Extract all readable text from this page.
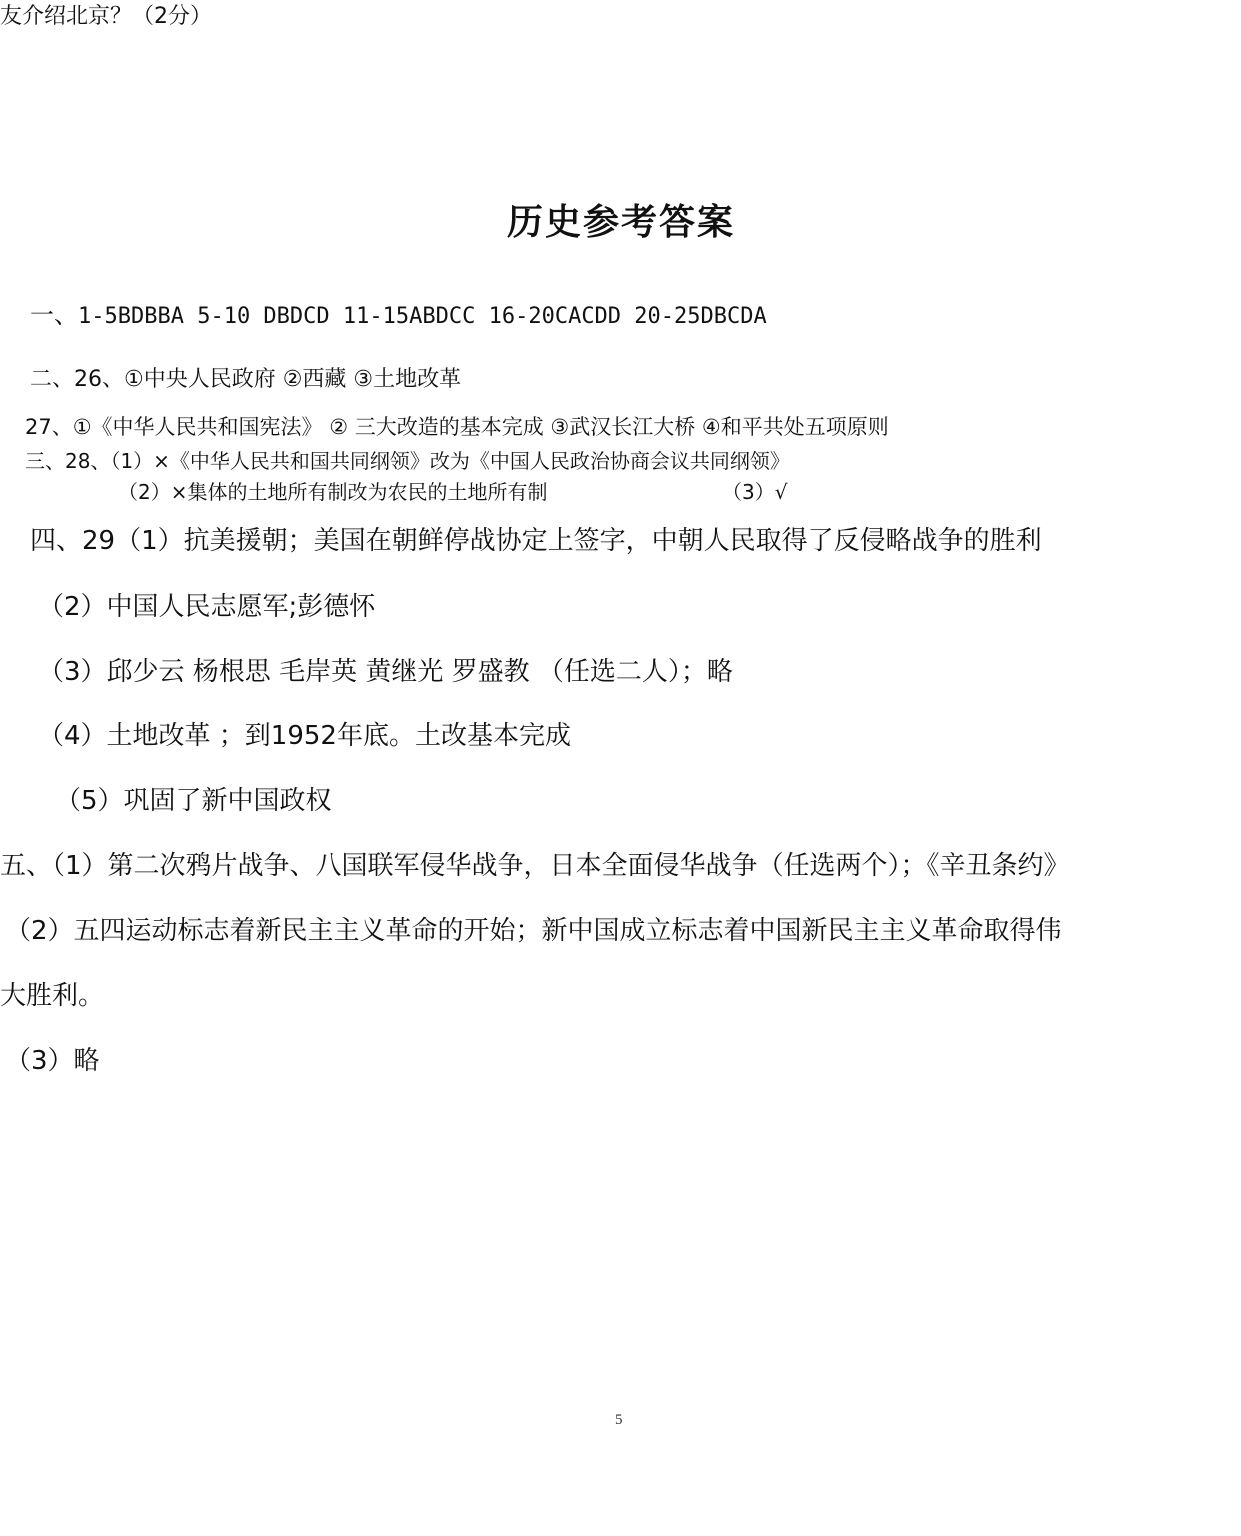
友介绍北京？（2分）
历史参考答案
一、1-5BDBBA 5-10 DBDCD 11-15ABDCC 16-20CACDD 20-25DBCDA
二、26、①中央人民政府 ②西藏 ③土地改革
27、①《中华人民共和国宪法》 ② 三大改造的基本完成 ③武汉长江大桥 ④和平共处五项原则
三、28、（1）×《中华人民共和国共同纲领》改为《中国人民政治协商会议共同纲领》
（2）×集体的土地所有制改为农民的土地所有制	（3）√
四、29（1）抗美援朝；美国在朝鲜停战协定上签字，中朝人民取得了反侵略战争的胜利
（2）中国人民志愿军;彭德怀
（3）邱少云 杨根思 毛岸英 黄继光 罗盛教 （任选二人）；略
（4）土地改革 ；到1952年底。土改基本完成
（5）巩固了新中国政权
五、（1）第二次鸦片战争、八国联军侵华战争，日本全面侵华战争（任选两个）；《辛丑条约》
（2）五四运动标志着新民主主义革命的开始；新中国成立标志着中国新民主主义革命取得伟
大胜利。
（3）略
5
